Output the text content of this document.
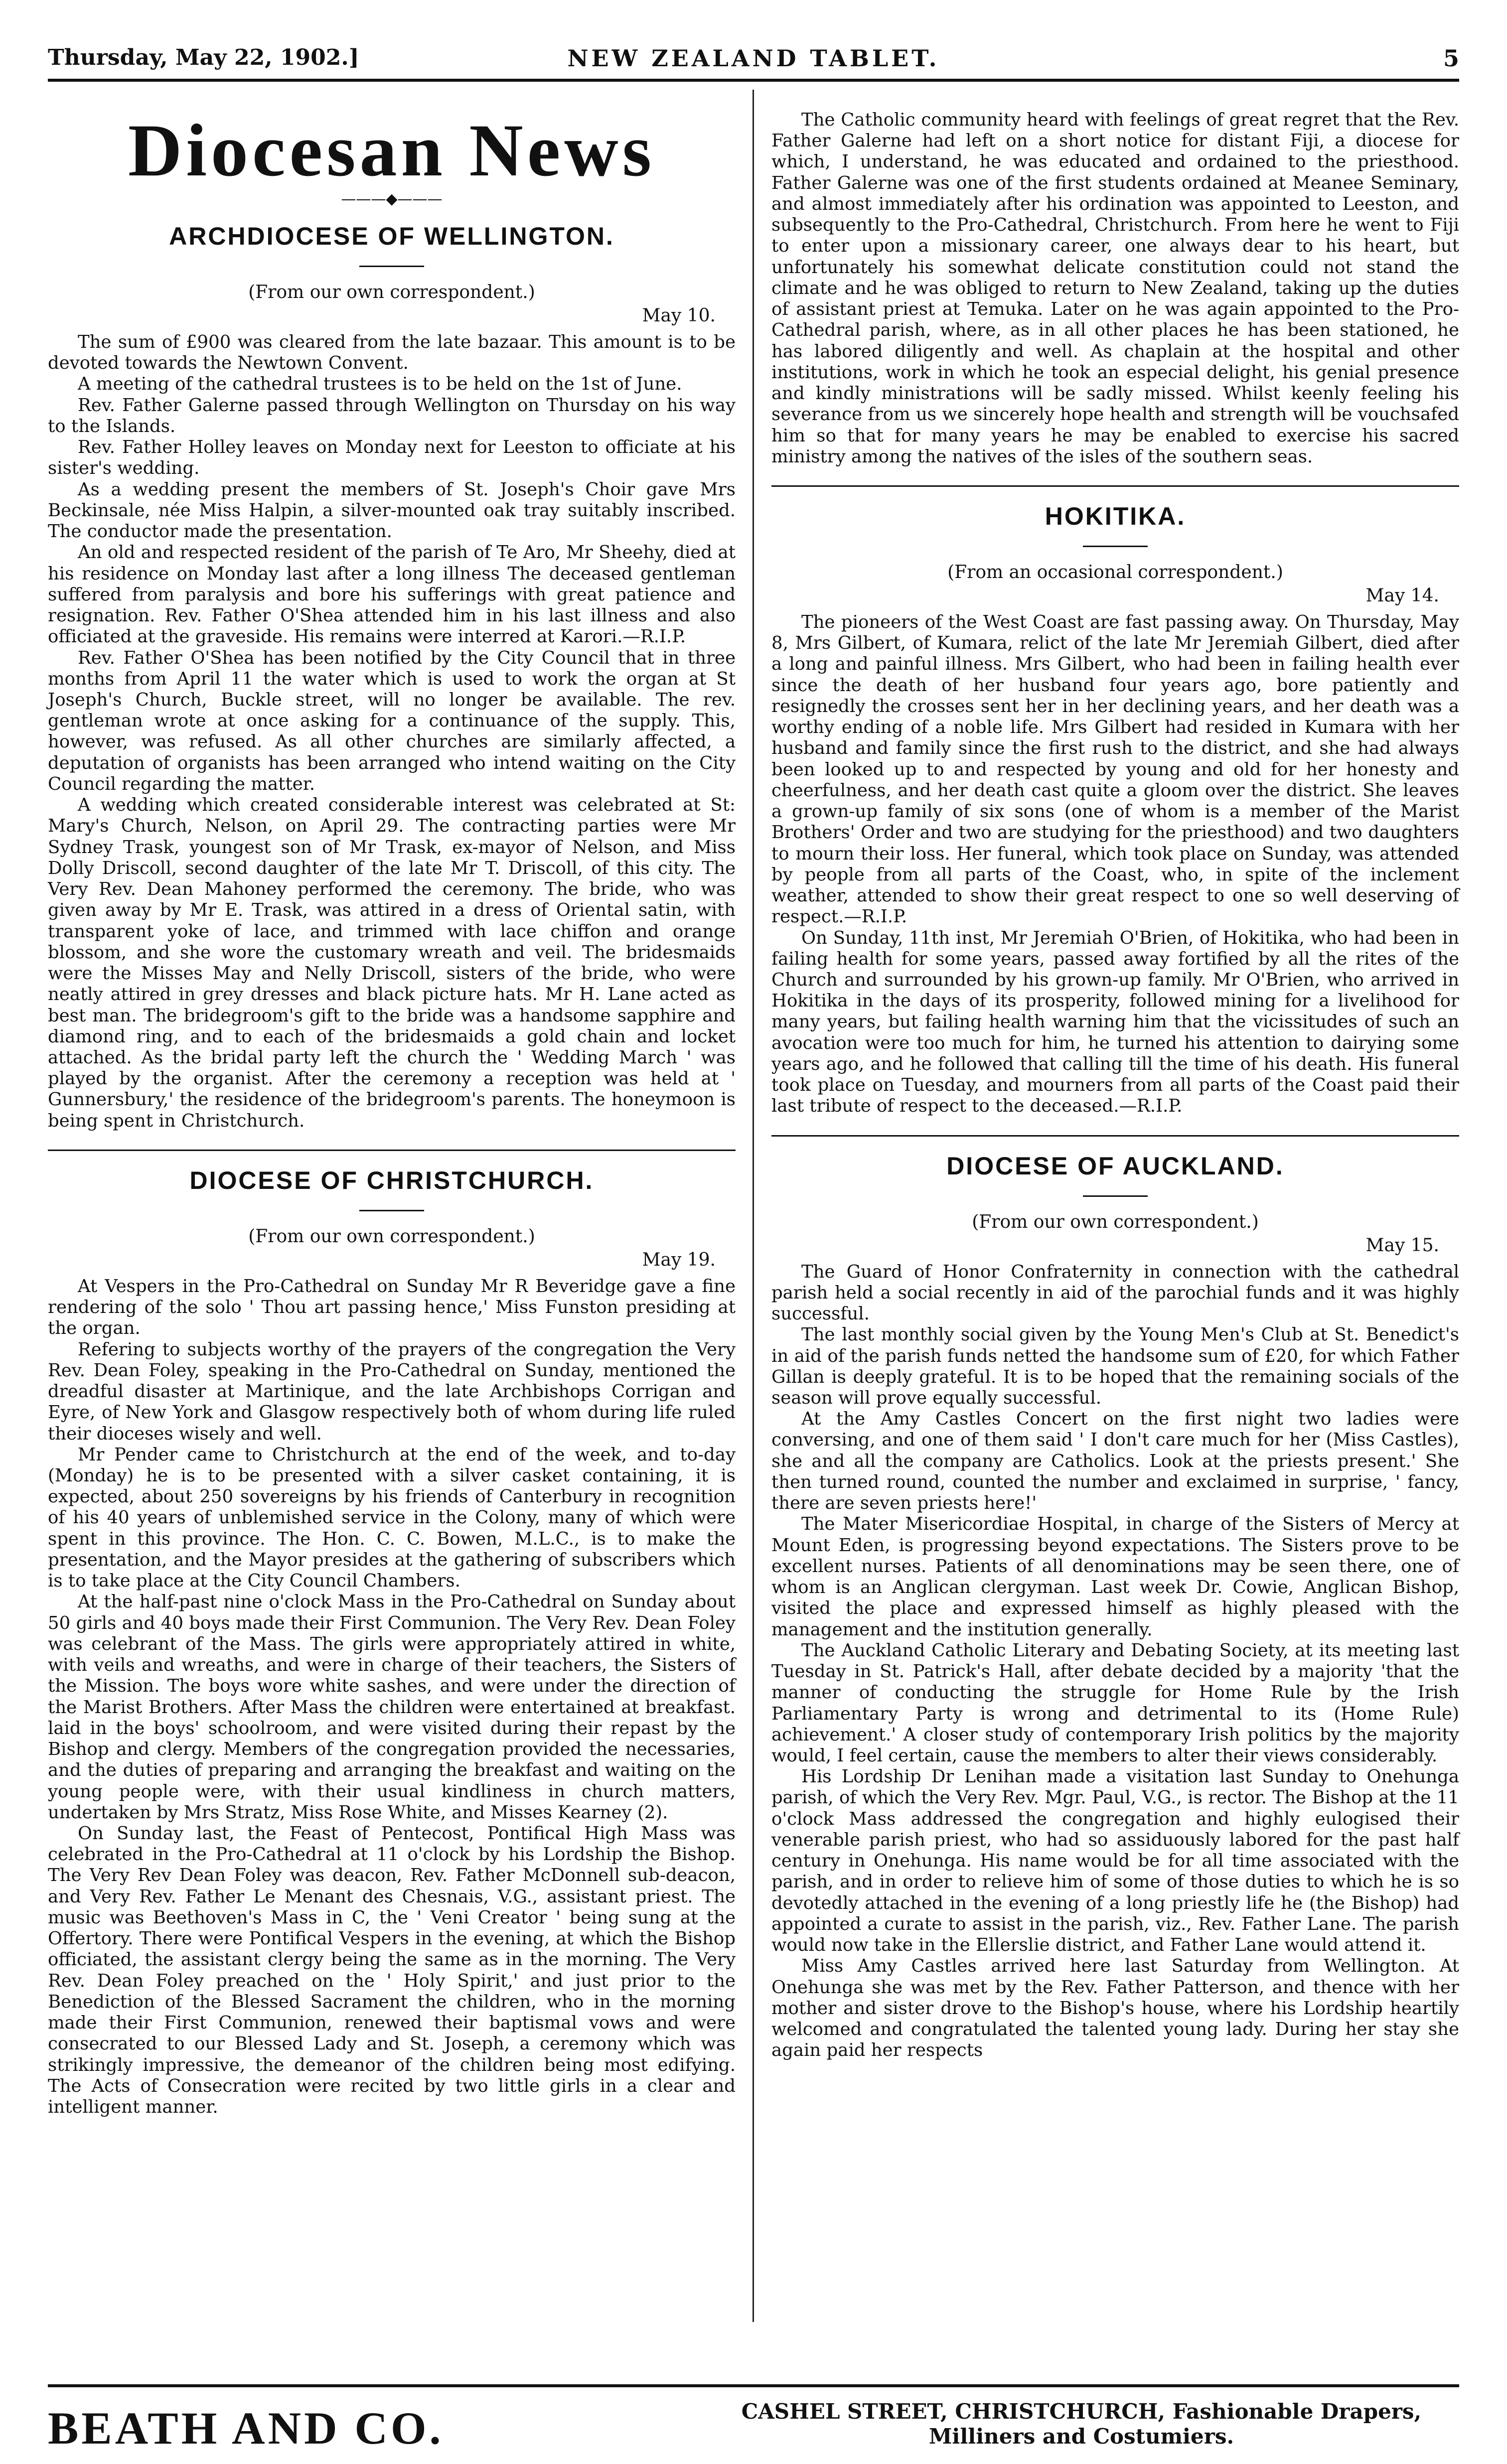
Thursday, May 22, 1902.]	NEW ZEALAND TABLET.	5
Diocesan News
———◆———
ARCHDIOCESE OF WELLINGTON.
(From our own correspondent.)
May 10.

The sum of £900 was cleared from the late bazaar. This amount is to be devoted towards the Newtown Convent.

A meeting of the cathedral trustees is to be held on the 1st of June.

Rev. Father Galerne passed through Wellington on Thursday on his way to the Islands.

Rev. Father Holley leaves on Monday next for Leeston to officiate at his sister's wedding.

As a wedding present the members of St. Joseph's Choir gave Mrs Beckinsale, née Miss Halpin, a silver-mounted oak tray suitably inscribed. The conductor made the presentation.

An old and respected resident of the parish of Te Aro, Mr Sheehy, died at his residence on Monday last after a long illness The deceased gentleman suffered from paralysis and bore his sufferings with great patience and resignation. Rev. Father O'Shea attended him in his last illness and also officiated at the graveside. His remains were interred at Karori.—R.I.P.

Rev. Father O'Shea has been notified by the City Council that in three months from April 11 the water which is used to work the organ at St Joseph's Church, Buckle street, will no longer be available. The rev. gentleman wrote at once asking for a continuance of the supply. This, however, was refused. As all other churches are similarly affected, a deputation of organists has been arranged who intend waiting on the City Council regarding the matter.

A wedding which created considerable interest was celebrated at St: Mary's Church, Nelson, on April 29. The contracting parties were Mr Sydney Trask, youngest son of Mr Trask, ex-mayor of Nelson, and Miss Dolly Driscoll, second daughter of the late Mr T. Driscoll, of this city. The Very Rev. Dean Mahoney performed the ceremony. The bride, who was given away by Mr E. Trask, was attired in a dress of Oriental satin, with transparent yoke of lace, and trimmed with lace chiffon and orange blossom, and she wore the customary wreath and veil. The bridesmaids were the Misses May and Nelly Driscoll, sisters of the bride, who were neatly attired in grey dresses and black picture hats. Mr H. Lane acted as best man. The bridegroom's gift to the bride was a handsome sapphire and diamond ring, and to each of the bridesmaids a gold chain and locket attached. As the bridal party left the church the ' Wedding March ' was played by the organist. After the ceremony a reception was held at ' Gunnersbury,' the residence of the bridegroom's parents. The honeymoon is being spent in Christchurch.

DIOCESE OF CHRISTCHURCH.
(From our own correspondent.)
May 19.

At Vespers in the Pro-Cathedral on Sunday Mr R Beveridge gave a fine rendering of the solo ' Thou art passing hence,' Miss Funston presiding at the organ.

Refering to subjects worthy of the prayers of the congregation the Very Rev. Dean Foley, speaking in the Pro-Cathedral on Sunday, mentioned the dreadful disaster at Martinique, and the late Archbishops Corrigan and Eyre, of New York and Glasgow respectively both of whom during life ruled their dioceses wisely and well.

Mr Pender came to Christchurch at the end of the week, and to-day (Monday) he is to be presented with a silver casket containing, it is expected, about 250 sovereigns by his friends of Canterbury in recognition of his 40 years of unblemished service in the Colony, many of which were spent in this province. The Hon. C. C. Bowen, M.L.C., is to make the presentation, and the Mayor presides at the gathering of subscribers which is to take place at the City Council Chambers.

At the half-past nine o'clock Mass in the Pro-Cathedral on Sunday about 50 girls and 40 boys made their First Communion. The Very Rev. Dean Foley was celebrant of the Mass. The girls were appropriately attired in white, with veils and wreaths, and were in charge of their teachers, the Sisters of the Mission. The boys wore white sashes, and were under the direction of the Marist Brothers. After Mass the children were entertained at breakfast. laid in the boys' schoolroom, and were visited during their repast by the Bishop and clergy. Members of the congregation provided the necessaries, and the duties of preparing and arranging the breakfast and waiting on the young people were, with their usual kindliness in church matters, undertaken by Mrs Stratz, Miss Rose White, and Misses Kearney (2).

On Sunday last, the Feast of Pentecost, Pontifical High Mass was celebrated in the Pro-Cathedral at 11 o'clock by his Lordship the Bishop. The Very Rev Dean Foley was deacon, Rev. Father McDonnell sub-deacon, and Very Rev. Father Le Menant des Chesnais, V.G., assistant priest. The music was Beethoven's Mass in C, the ' Veni Creator ' being sung at the Offertory. There were Pontifical Vespers in the evening, at which the Bishop officiated, the assistant clergy being the same as in the morning. The Very Rev. Dean Foley preached on the ' Holy Spirit,' and just prior to the Benediction of the Blessed Sacrament the children, who in the morning made their First Communion, renewed their baptismal vows and were consecrated to our Blessed Lady and St. Joseph, a ceremony which was strikingly impressive, the demeanor of the children being most edifying. The Acts of Consecration were recited by two little girls in a clear and intelligent manner.

The Catholic community heard with feelings of great regret that the Rev. Father Galerne had left on a short notice for distant Fiji, a diocese for which, I understand, he was educated and ordained to the priesthood. Father Galerne was one of the first students ordained at Meanee Seminary, and almost immediately after his ordination was appointed to Leeston, and subsequently to the Pro-Cathedral, Christchurch. From here he went to Fiji to enter upon a missionary career, one always dear to his heart, but unfortunately his somewhat delicate constitution could not stand the climate and he was obliged to return to New Zealand, taking up the duties of assistant priest at Temuka. Later on he was again appointed to the Pro-Cathedral parish, where, as in all other places he has been stationed, he has labored diligently and well. As chaplain at the hospital and other institutions, work in which he took an especial delight, his genial presence and kindly ministrations will be sadly missed. Whilst keenly feeling his severance from us we sincerely hope health and strength will be vouchsafed him so that for many years he may be enabled to exercise his sacred ministry among the natives of the isles of the southern seas.

HOKITIKA.
(From an occasional correspondent.)
May 14.

The pioneers of the West Coast are fast passing away. On Thursday, May 8, Mrs Gilbert, of Kumara, relict of the late Mr Jeremiah Gilbert, died after a long and painful illness. Mrs Gilbert, who had been in failing health ever since the death of her husband four years ago, bore patiently and resignedly the crosses sent her in her declining years, and her death was a worthy ending of a noble life. Mrs Gilbert had resided in Kumara with her husband and family since the first rush to the district, and she had always been looked up to and respected by young and old for her honesty and cheerfulness, and her death cast quite a gloom over the district. She leaves a grown-up family of six sons (one of whom is a member of the Marist Brothers' Order and two are studying for the priesthood) and two daughters to mourn their loss. Her funeral, which took place on Sunday, was attended by people from all parts of the Coast, who, in spite of the inclement weather, attended to show their great respect to one so well deserving of respect.—R.I.P.

On Sunday, 11th inst, Mr Jeremiah O'Brien, of Hokitika, who had been in failing health for some years, passed away fortified by all the rites of the Church and surrounded by his grown-up family. Mr O'Brien, who arrived in Hokitika in the days of its prosperity, followed mining for a livelihood for many years, but failing health warning him that the vicissitudes of such an avocation were too much for him, he turned his attention to dairying some years ago, and he followed that calling till the time of his death. His funeral took place on Tuesday, and mourners from all parts of the Coast paid their last tribute of respect to the deceased.—R.I.P.

DIOCESE OF AUCKLAND.
(From our own correspondent.)
May 15.

The Guard of Honor Confraternity in connection with the cathedral parish held a social recently in aid of the parochial funds and it was highly successful.

The last monthly social given by the Young Men's Club at St. Benedict's in aid of the parish funds netted the handsome sum of £20, for which Father Gillan is deeply grateful. It is to be hoped that the remaining socials of the season will prove equally successful.

At the Amy Castles Concert on the first night two ladies were conversing, and one of them said ' I don't care much for her (Miss Castles), she and all the company are Catholics. Look at the priests present.' She then turned round, counted the number and exclaimed in surprise, ' fancy, there are seven priests here!'

The Mater Misericordiae Hospital, in charge of the Sisters of Mercy at Mount Eden, is progressing beyond expectations. The Sisters prove to be excellent nurses. Patients of all denominations may be seen there, one of whom is an Anglican clergyman. Last week Dr. Cowie, Anglican Bishop, visited the place and expressed himself as highly pleased with the management and the institution generally.

The Auckland Catholic Literary and Debating Society, at its meeting last Tuesday in St. Patrick's Hall, after debate decided by a majority 'that the manner of conducting the struggle for Home Rule by the Irish Parliamentary Party is wrong and detrimental to its (Home Rule) achievement.' A closer study of contemporary Irish politics by the majority would, I feel certain, cause the members to alter their views considerably.

His Lordship Dr Lenihan made a visitation last Sunday to Onehunga parish, of which the Very Rev. Mgr. Paul, V.G., is rector. The Bishop at the 11 o'clock Mass addressed the congregation and highly eulogised their venerable parish priest, who had so assiduously labored for the past half century in Onehunga. His name would be for all time associated with the parish, and in order to relieve him of some of those duties to which he is so devotedly attached in the evening of a long priestly life he (the Bishop) had appointed a curate to assist in the parish, viz., Rev. Father Lane. The parish would now take in the Ellerslie district, and Father Lane would attend it.

Miss Amy Castles arrived here last Saturday from Wellington. At Onehunga she was met by the Rev. Father Patterson, and thence with her mother and sister drove to the Bishop's house, where his Lordship heartily welcomed and congratulated the talented young lady. During her stay she again paid her respects

BEATH AND CO.	CASHEL STREET, CHRISTCHURCH, Fashionable Drapers,
Milliners and Costumiers.
